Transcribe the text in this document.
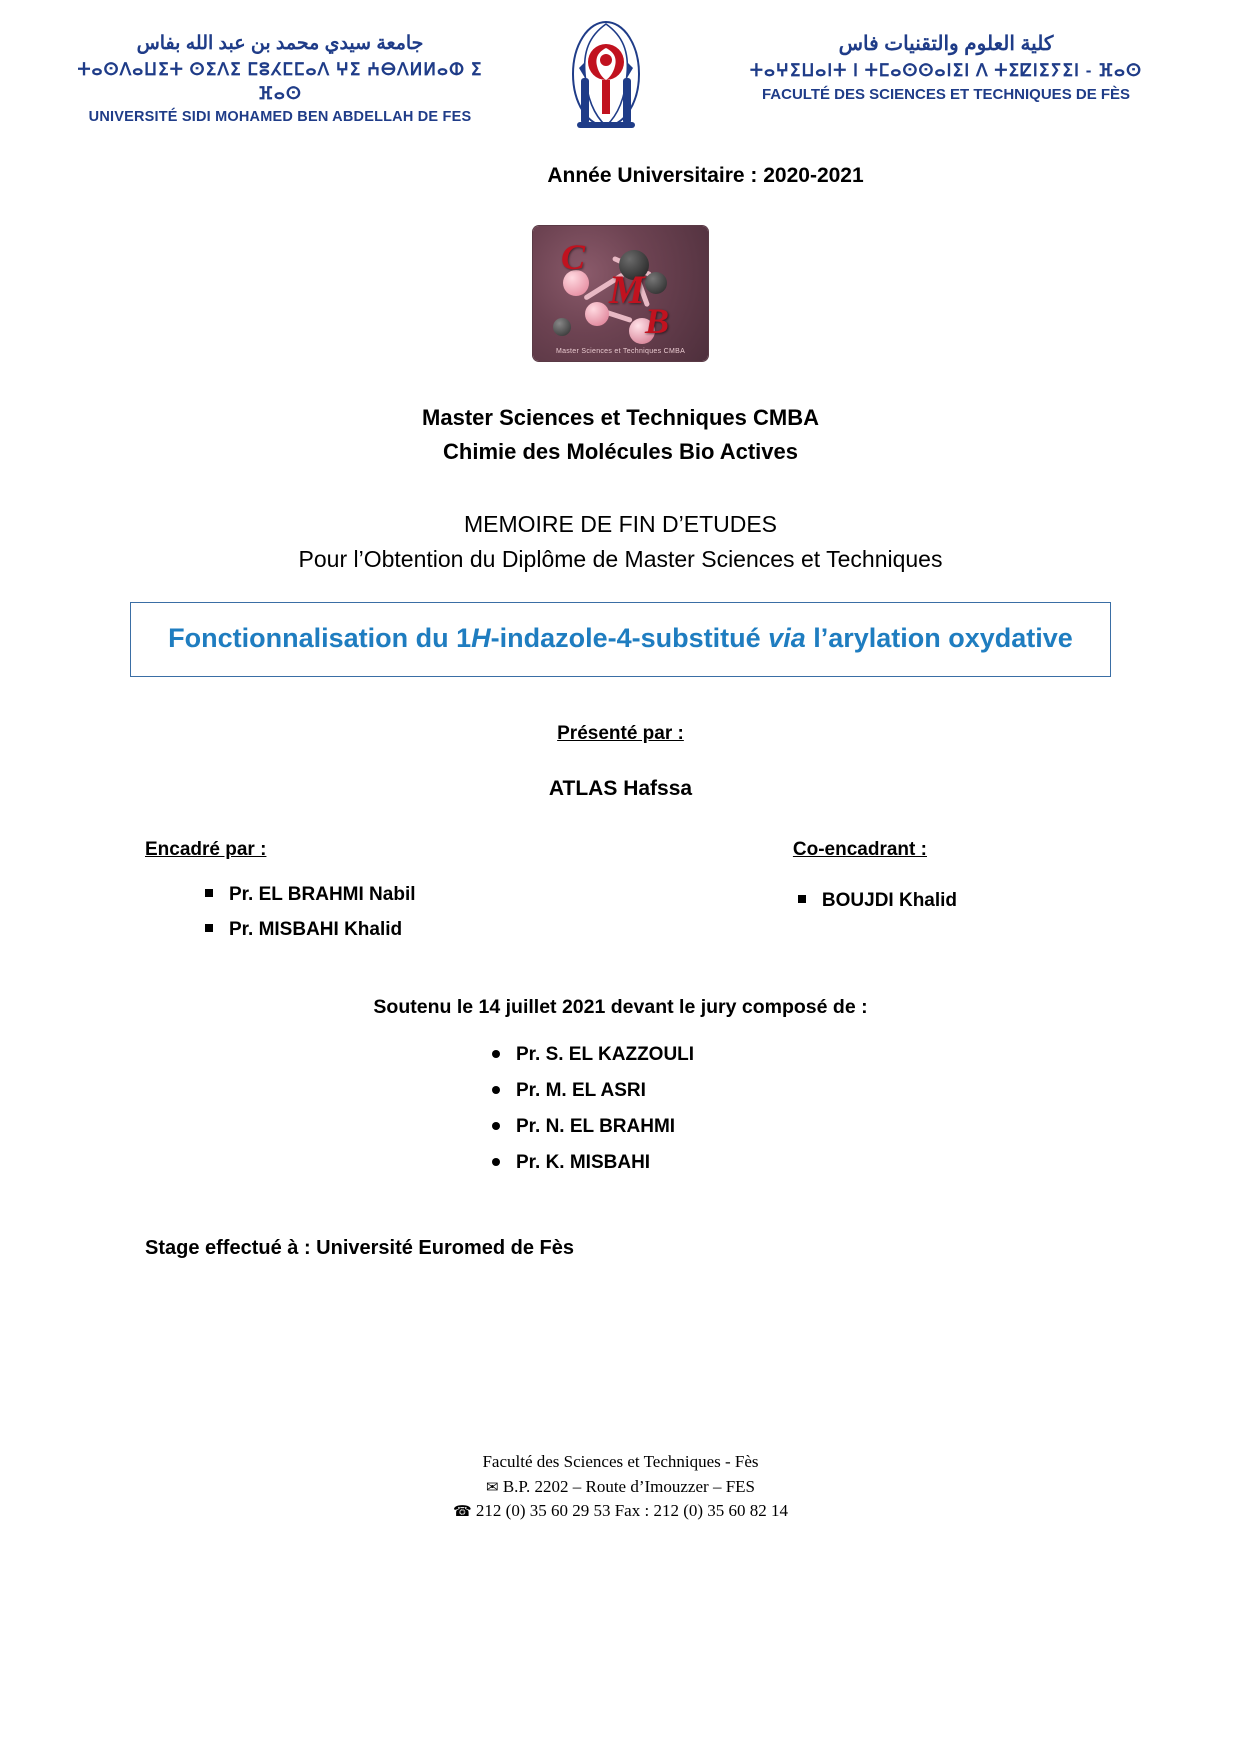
جامعة سيدي محمد بن عبد الله بفاس
ⵜⴰⵙⴷⴰⵡⵉⵜ ⵙⵉⴷⵉ ⵎⵓⵃⵎⵎⴰⴷ ⵖⵉ ⵄⴱⴷⵍⵍⴰⵀ ⵉ ⴼⴰⵙ
UNIVERSITÉ SIDI MOHAMED BEN ABDELLAH DE FES
كلية العلوم والتقنيات فاس
ⵜⴰⵖⵉⵡⴰⵏⵜ ⵏ ⵜⵎⴰⵙⵙⴰⵏⵉⵏ ⴷ ⵜⵉⵇⵏⵉⵢⵉⵏ - ⴼⴰⵙ
FACULTÉ DES SCIENCES ET TECHNIQUES DE FÈS
Année Universitaire : 2020-2021
C
M
B
Master Sciences et Techniques CMBA
Master Sciences et Techniques CMBA
Chimie des Molécules Bio Actives
MEMOIRE DE FIN D’ETUDES
Pour l’Obtention du Diplôme de Master Sciences et Techniques
Fonctionnalisation du 1H-indazole-4-substitué via l’arylation oxydative
Présenté par :
ATLAS Hafssa
Encadré par :
Pr. EL BRAHMI Nabil
Pr. MISBAHI Khalid
Co-encadrant :
BOUJDI Khalid
Soutenu le 14 juillet 2021 devant le jury composé de :
Pr. S. EL KAZZOULI
Pr. M. EL ASRI
Pr. N. EL BRAHMI
Pr. K. MISBAHI
Stage effectué à : Université Euromed de Fès
Faculté des Sciences et Techniques - Fès
✉ B.P. 2202 – Route d’Imouzzer – FES
☎ 212 (0) 35 60 29 53 Fax : 212 (0) 35 60 82 14
